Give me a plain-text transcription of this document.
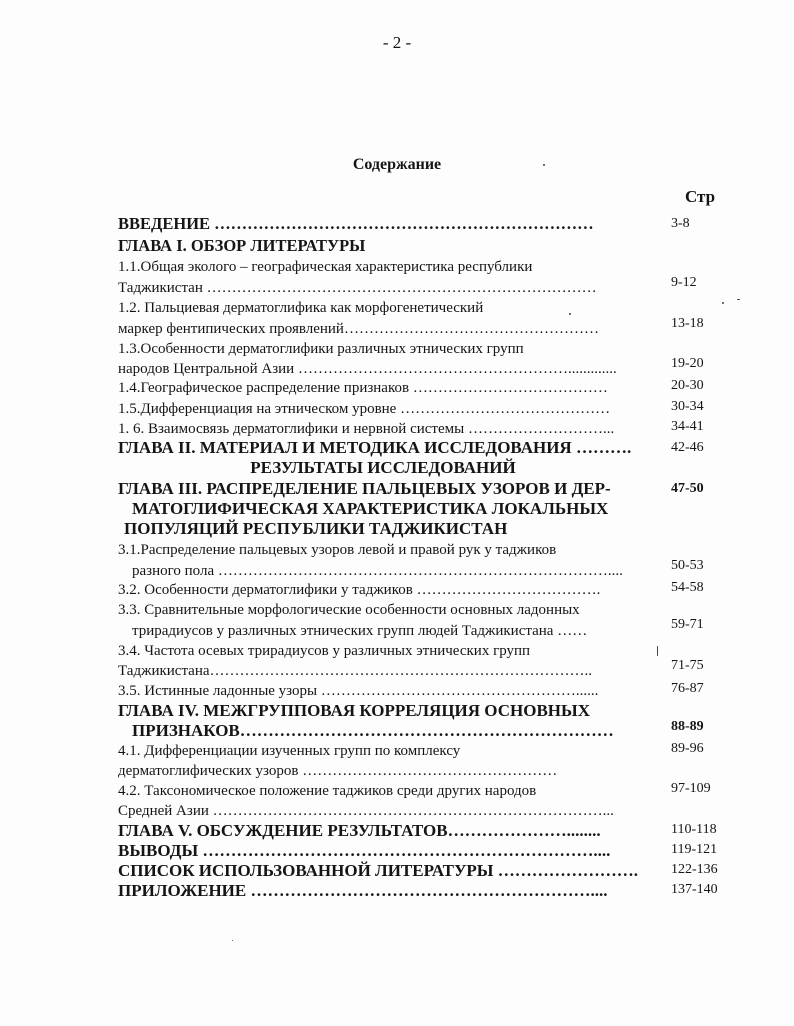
- 2 -
Содержание
Стр
ВВЕДЕНИЕ ……………………………………………………………	3-8
ГЛАВА I. ОБЗОР ЛИТЕРАТУРЫ
1.1.Общая эколого – географическая характеристика республики
Таджикистан ……………………………………………………………………	9-12
1.2. Пальциевая дерматоглифика как морфогенетический
маркер фентипических проявлений……………………………………………	13-18
1.3.Особенности дерматоглифики различных этнических групп
народов Центральной Азии ……………………………………………….............	19-20
1.4.Географическое распределение признаков …………………………………	20-30
1.5.Дифференциация на этническом уровне ……………………………………	30-34
1. 6. Взаимосвязь дерматоглифики и нервной системы ………………………...	34-41
ГЛАВА II. МАТЕРИАЛ И МЕТОДИКА ИССЛЕДОВАНИЯ ……….	42-46
РЕЗУЛЬТАТЫ ИССЛЕДОВАНИЙ
ГЛАВА III. РАСПРЕДЕЛЕНИЕ ПАЛЬЦЕВЫХ УЗОРОВ И ДЕР-	47-50
МАТОГЛИФИЧЕСКАЯ ХАРАКТЕРИСТИКА ЛОКАЛЬНЫХ
ПОПУЛЯЦИЙ РЕСПУБЛИКИ ТАДЖИКИСТАН
3.1.Распределение пальцевых узоров левой и правой рук у таджиков
разного пола ……………………………………………………………………....	50-53
3.2. Особенности дерматоглифики у таджиков ……………………………….	54-58
3.3. Сравнительные морфологические особенности основных ладонных
трирадиусов у различных этнических групп людей Таджикистана ……	59-71
3.4. Частота осевых трирадиусов у различных этнических групп
Таджикистана…………………………………………………………………..	71-75
3.5. Истинные ладонные узоры ……………………………………………......	76-87
ГЛАВА IV. МЕЖГРУППОВАЯ КОРРЕЛЯЦИЯ ОСНОВНЫХ
ПРИЗНАКОВ…………………………………………………………	88-89
4.1. Дифференциации изученных групп по комплексу	89-96
дерматоглифических узоров ……………………………………………
4.2. Таксономическое положение таджиков среди других народов	97-109
Средней Азии ……………………………………………………………………...
ГЛАВА V. ОБСУЖДЕНИЕ РЕЗУЛЬТАТОВ…………………........	110-118
ВЫВОДЫ ……………………………………………………………....	119-121
СПИСОК ИСПОЛЬЗОВАННОЙ ЛИТЕРАТУРЫ …………………….	122-136
ПРИЛОЖЕНИЕ ……………………………………………………....	137-140
